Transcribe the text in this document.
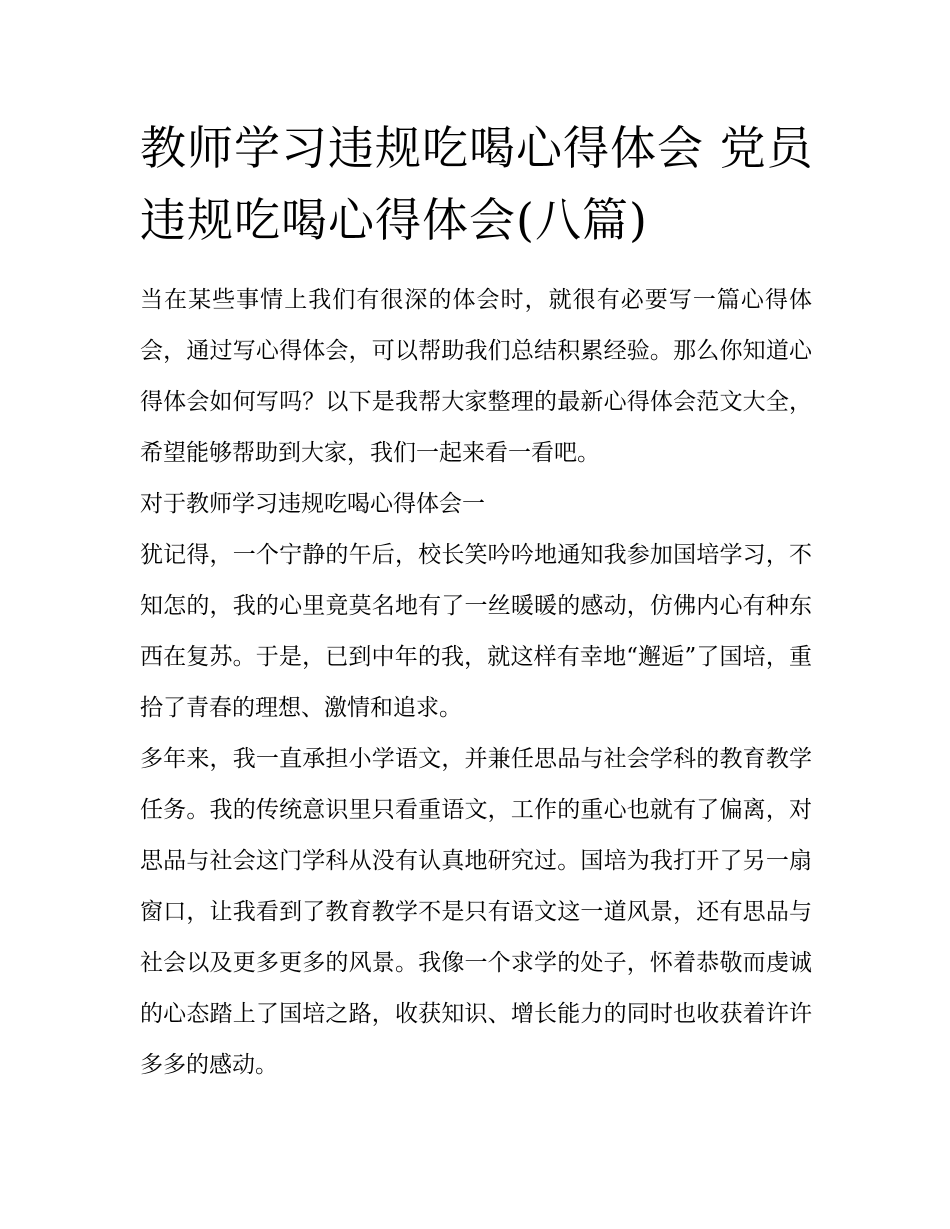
教师学习违规吃喝心得体会 党员违规吃喝心得体会(八篇)

当在某些事情上我们有很深的体会时，就很有必要写一篇心得体会，通过写心得体会，可以帮助我们总结积累经验。那么你知道心得体会如何写吗？以下是我帮大家整理的最新心得体会范文大全，希望能够帮助到大家，我们一起来看一看吧。

对于教师学习违规吃喝心得体会一

犹记得，一个宁静的午后，校长笑吟吟地通知我参加国培学习，不知怎的，我的心里竟莫名地有了一丝暖暖的感动，仿佛内心有种东西在复苏。于是，已到中年的我，就这样有幸地“邂逅”了国培，重拾了青春的理想、激情和追求。

多年来，我一直承担小学语文，并兼任思品与社会学科的教育教学任务。我的传统意识里只看重语文，工作的重心也就有了偏离，对思品与社会这门学科从没有认真地研究过。国培为我打开了另一扇窗口，让我看到了教育教学不是只有语文这一道风景，还有思品与社会以及更多更多的风景。我像一个求学的处子，怀着恭敬而虔诚的心态踏上了国培之路，收获知识、增长能力的同时也收获着许许多多的感动。
